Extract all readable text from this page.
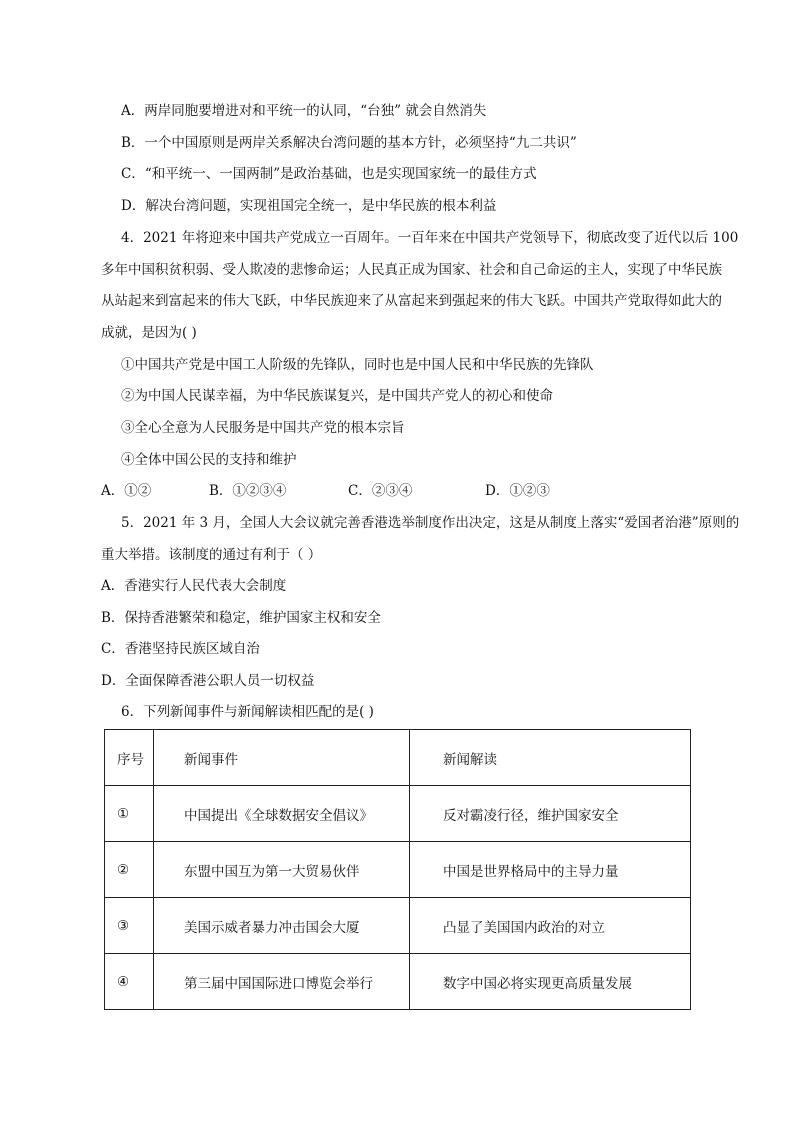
A．两岸同胞要增进对和平统一的认同，“台独” 就会自然消失
B．一个中国原则是两岸关系解决台湾问题的基本方针，必须坚持“九二共识”
C．“和平统一、一国两制”是政治基础，也是实现国家统一的最佳方式
D．解决台湾问题，实现祖国完全统一，是中华民族的根本利益
4．2021 年将迎来中国共产党成立一百周年。一百年来在中国共产党领导下，彻底改变了近代以后 100
多年中国积贫积弱、受人欺凌的悲惨命运；人民真正成为国家、社会和自己命运的主人，实现了中华民族
从站起来到富起来的伟大飞跃，中华民族迎来了从富起来到强起来的伟大飞跃。中国共产党取得如此大的
成就，是因为( )
①中国共产党是中国工人阶级的先锋队，同时也是中国人民和中华民族的先锋队
②为中国人民谋幸福，为中华民族谋复兴，是中国共产党人的初心和使命
③全心全意为人民服务是中国共产党的根本宗旨
④全体中国公民的支持和维护
A．①②	B．①②③④	C．②③④	D．①②③
5．2021 年 3 月，全国人大会议就完善香港选举制度作出决定，这是从制度上落实“爱国者治港”原则的
重大举措。该制度的通过有利于（ ）
A．香港实行人民代表大会制度
B．保持香港繁荣和稳定，维护国家主权和安全
C．香港坚持民族区域自治
D．全面保障香港公职人员一切权益
6．下列新闻事件与新闻解读相匹配的是( )
序号	新闻事件	新闻解读
①	中国提出《全球数据安全倡议》	反对霸凌行径，维护国家安全
②	东盟中国互为第一大贸易伙伴	中国是世界格局中的主导力量
③	美国示威者暴力冲击国会大厦	凸显了美国国内政治的对立
④	第三届中国国际进口博览会举行	数字中国必将实现更高质量发展
